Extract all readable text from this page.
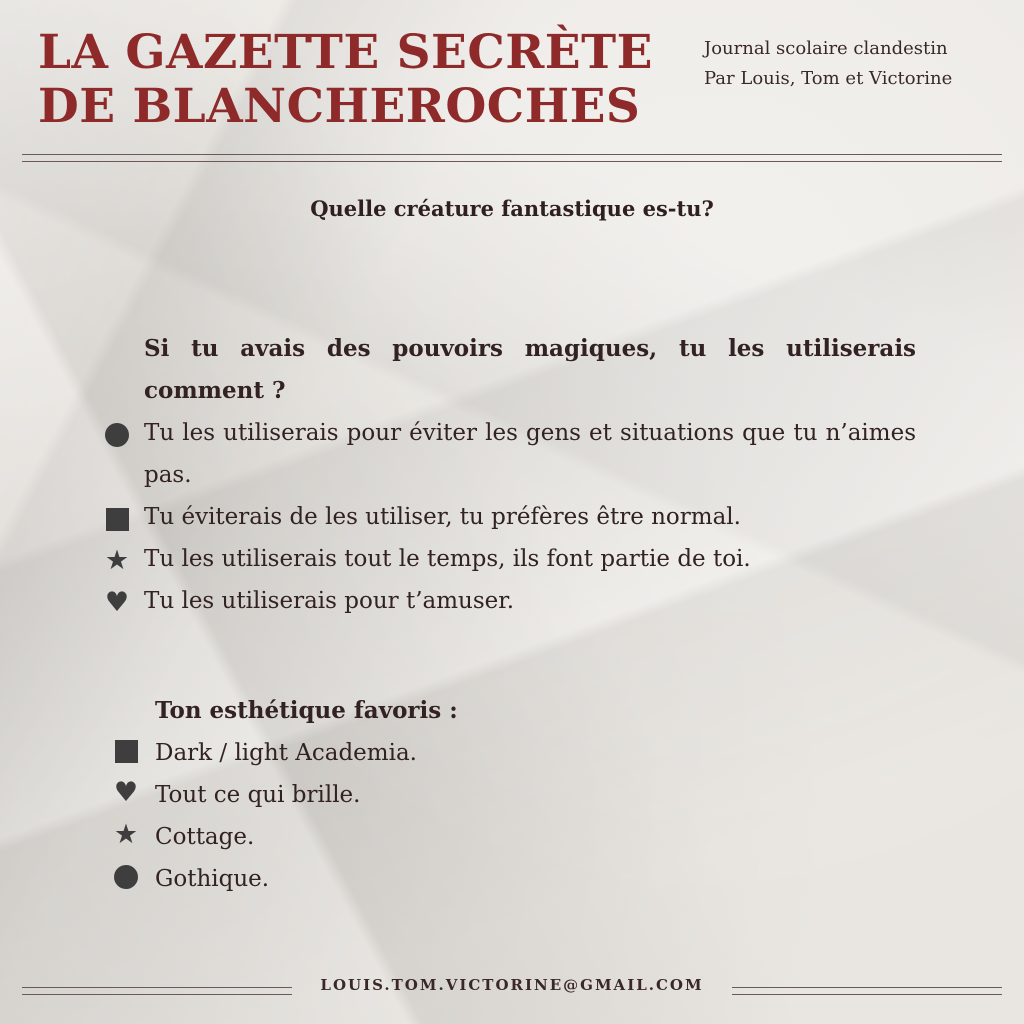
LA GAZETTE SECRÈTE
DE BLANCHEROCHES
Journal scolaire clandestin
Par Louis, Tom et Victorine
Quelle créature fantastique es-tu?
Si tu avais des pouvoirs magiques, tu les utiliserais comment ?
Tu les utiliserais pour éviter les gens et situations que tu n’aimes pas.
Tu éviterais de les utiliser, tu préfères être normal.
★ Tu les utiliserais tout le temps, ils font partie de toi.
♥ Tu les utiliserais pour t’amuser.
Ton esthétique favoris :
Dark / light Academia.
♥ Tout ce qui brille.
★ Cottage.
Gothique.
LOUIS.TOM.VICTORINE@GMAIL.COM
